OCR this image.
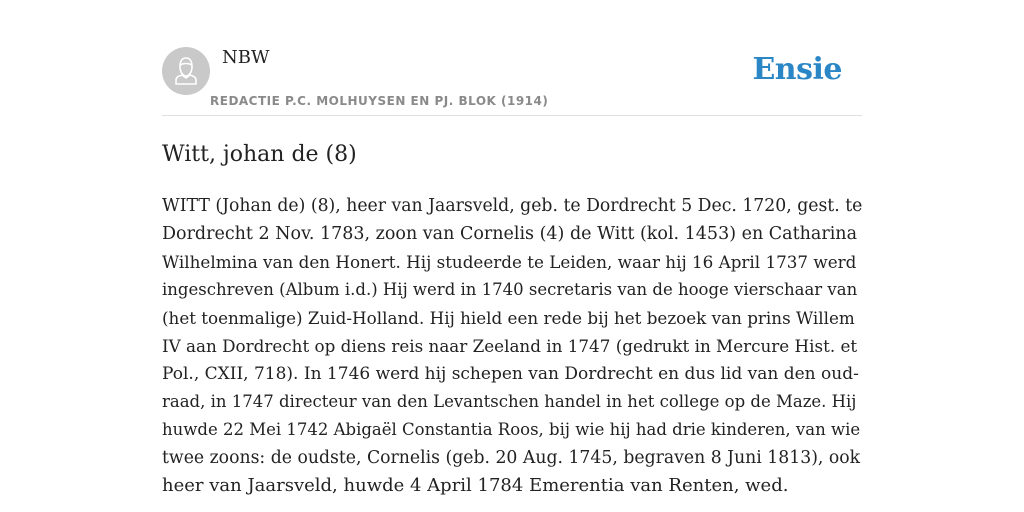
NBW
REDACTIE P.C. MOLHUYSEN EN PJ. BLOK (1914)
Ensie
Witt, johan de (8)

WITT (Johan de) (8), heer van Jaarsveld, geb. te Dordrecht 5 Dec. 1720, gest. te
Dordrecht 2 Nov. 1783, zoon van Cornelis (4) de Witt (kol. 1453) en Catharina
Wilhelmina van den Honert. Hij studeerde te Leiden, waar hij 16 April 1737 werd
ingeschreven (Album i.d.) Hij werd in 1740 secretaris van de hooge vierschaar van
(het toenmalige) Zuid-Holland. Hij hield een rede bij het bezoek van prins Willem
IV aan Dordrecht op diens reis naar Zeeland in 1747 (gedrukt in Mercure Hist. et
Pol., CXII, 718). In 1746 werd hij schepen van Dordrecht en dus lid van den oud-
raad, in 1747 directeur van den Levantschen handel in het college op de Maze. Hij
huwde 22 Mei 1742 Abigaël Constantia Roos, bij wie hij had drie kinderen, van wie
twee zoons: de oudste, Cornelis (geb. 20 Aug. 1745, begraven 8 Juni 1813), ook
heer van Jaarsveld, huwde 4 April 1784 Emerentia van Renten, wed.
